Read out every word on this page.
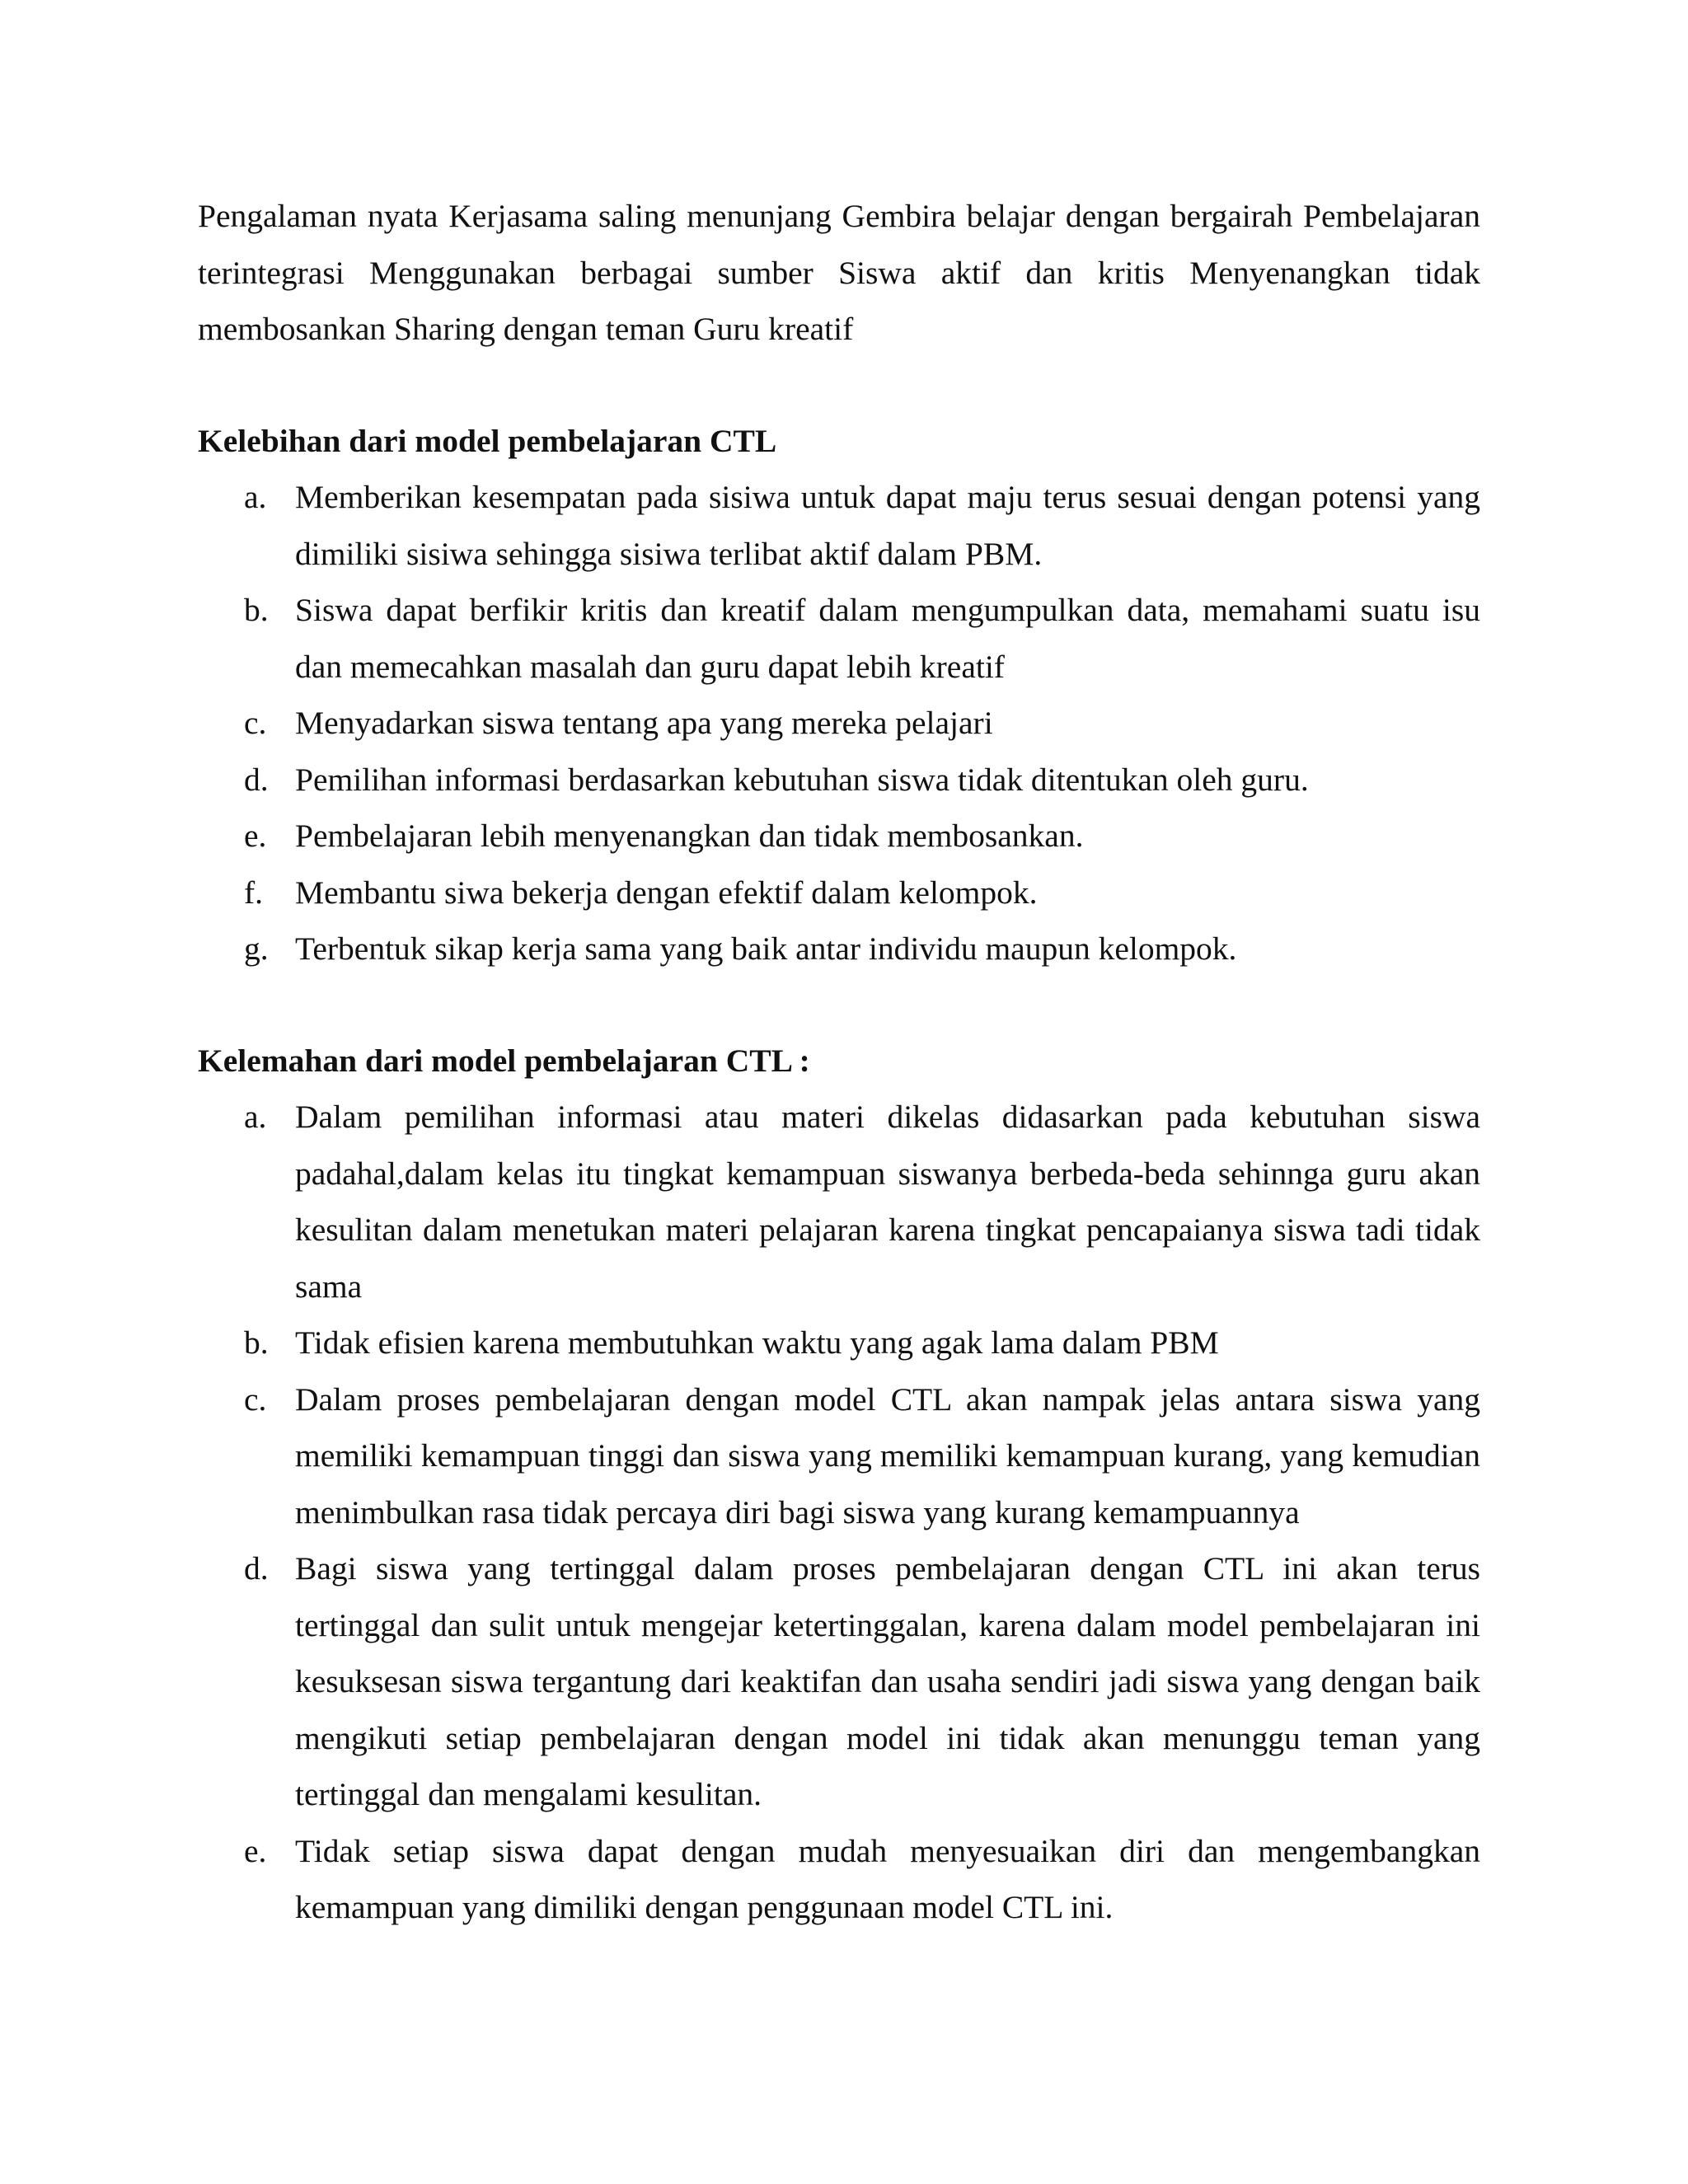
Pengalaman nyata Kerjasama saling menunjang Gembira belajar dengan bergairah Pembelajaran terintegrasi Menggunakan berbagai sumber Siswa aktif dan kritis Menyenangkan tidak membosankan Sharing dengan teman Guru kreatif

Kelebihan dari model pembelajaran CTL

a. Memberikan kesempatan pada sisiwa untuk dapat maju terus sesuai dengan potensi yang dimiliki sisiwa sehingga sisiwa terlibat aktif dalam PBM.
b. Siswa dapat berfikir kritis dan kreatif dalam mengumpulkan data, memahami suatu isu dan memecahkan masalah dan guru dapat lebih kreatif
c. Menyadarkan siswa tentang apa yang mereka pelajari
d. Pemilihan informasi berdasarkan kebutuhan siswa tidak ditentukan oleh guru.
e. Pembelajaran lebih menyenangkan dan tidak membosankan.
f. Membantu siwa bekerja dengan efektif dalam kelompok.
g. Terbentuk sikap kerja sama yang baik antar individu maupun kelompok.

Kelemahan dari model pembelajaran CTL :

a. Dalam pemilihan informasi atau materi dikelas didasarkan pada kebutuhan siswa padahal,dalam kelas itu tingkat kemampuan siswanya berbeda-beda sehinnga guru akan kesulitan dalam menetukan materi pelajaran karena tingkat pencapaianya siswa tadi tidak sama
b. Tidak efisien karena membutuhkan waktu yang agak lama dalam PBM
c. Dalam proses pembelajaran dengan model CTL akan nampak jelas antara siswa yang memiliki kemampuan tinggi dan siswa yang memiliki kemampuan kurang, yang kemudian menimbulkan rasa tidak percaya diri bagi siswa yang kurang kemampuannya
d. Bagi siswa yang tertinggal dalam proses pembelajaran dengan CTL ini akan terus tertinggal dan sulit untuk mengejar ketertinggalan, karena dalam model pembelajaran ini kesuksesan siswa tergantung dari keaktifan dan usaha sendiri jadi siswa yang dengan baik mengikuti setiap pembelajaran dengan model ini tidak akan menunggu teman yang tertinggal dan mengalami kesulitan.
e. Tidak setiap siswa dapat dengan mudah menyesuaikan diri dan mengembangkan kemampuan yang dimiliki dengan penggunaan model CTL ini.
